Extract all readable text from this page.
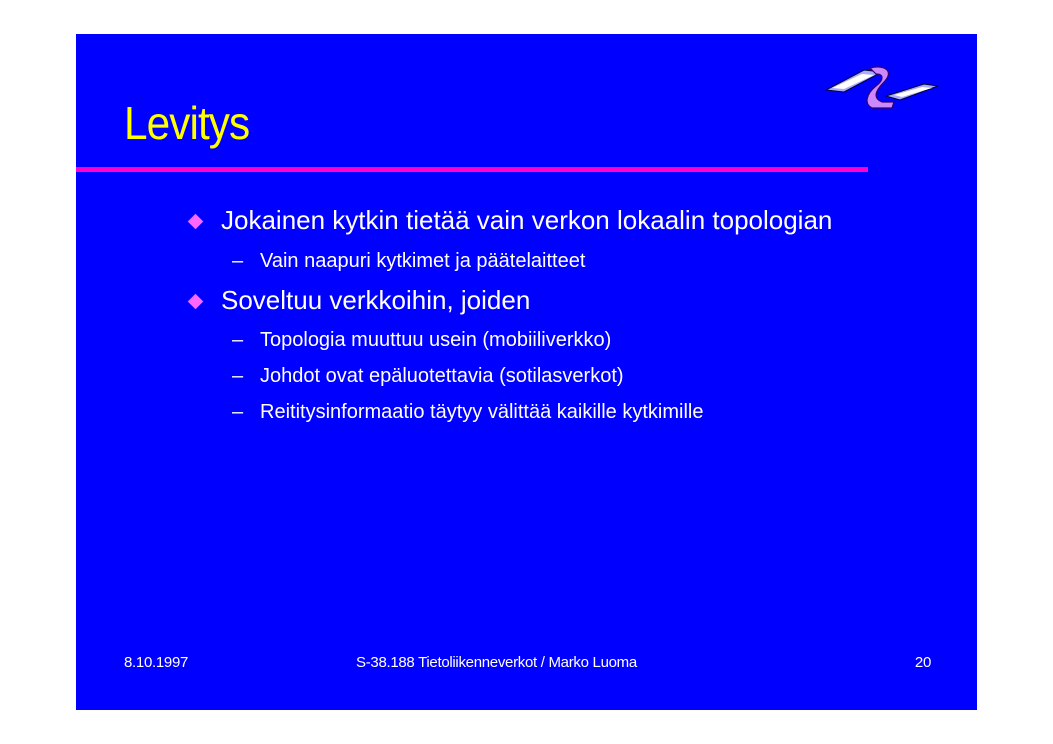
Levitys
Jokainen kytkin tietää vain verkon lokaalin topologian
– Vain naapuri kytkimet ja päätelaitteet
Soveltuu verkkoihin, joiden
– Topologia muuttuu usein (mobiiliverkko)
– Johdot ovat epäluotettavia (sotilasverkot)
– Reititysinformaatio täytyy välittää kaikille kytkimille
8.10.1997	S-38.188 Tietoliikenneverkot / Marko Luoma	20
